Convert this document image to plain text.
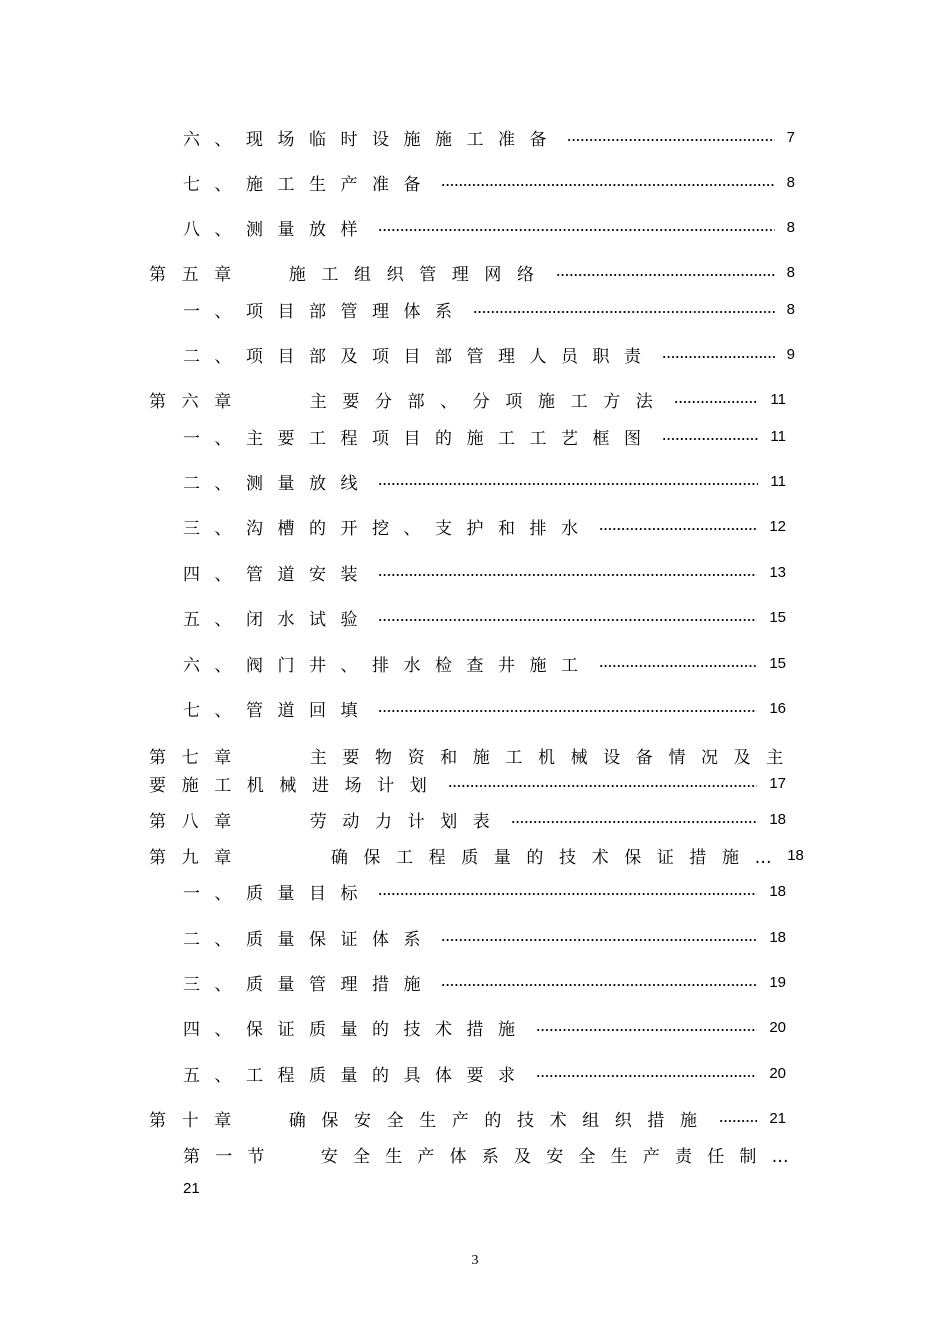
六、现场临时设施施工准备	7
七、施工生产准备	8
八、测量放样	8
第五章  施工组织管理网络	8
一、项目部管理体系	8
二、项目部及项目部管理人员职责	9
第六章   主要分部、分项施工方法	11
一、主要工程项目的施工工艺框图	11
二、测量放线	11
三、沟槽的开挖、支护和排水	12
四、管道安装	13
五、闭水试验	15
六、阀门井、排水检查井施工	15
七、管道回填	16
第七章   主要物资和施工机械设备情况及主
要施工机械进场计划	17
第八章   劳动力计划表	18
第九章    确保工程质量的技术保证措施… 18
一、质量目标	18
二、质量保证体系	18
三、质量管理措施	19
四、保证质量的技术措施	20
五、工程质量的具体要求	20
第十章  确保安全生产的技术组织措施	21
第一节  安全生产体系及安全生产责任制…
21
3
